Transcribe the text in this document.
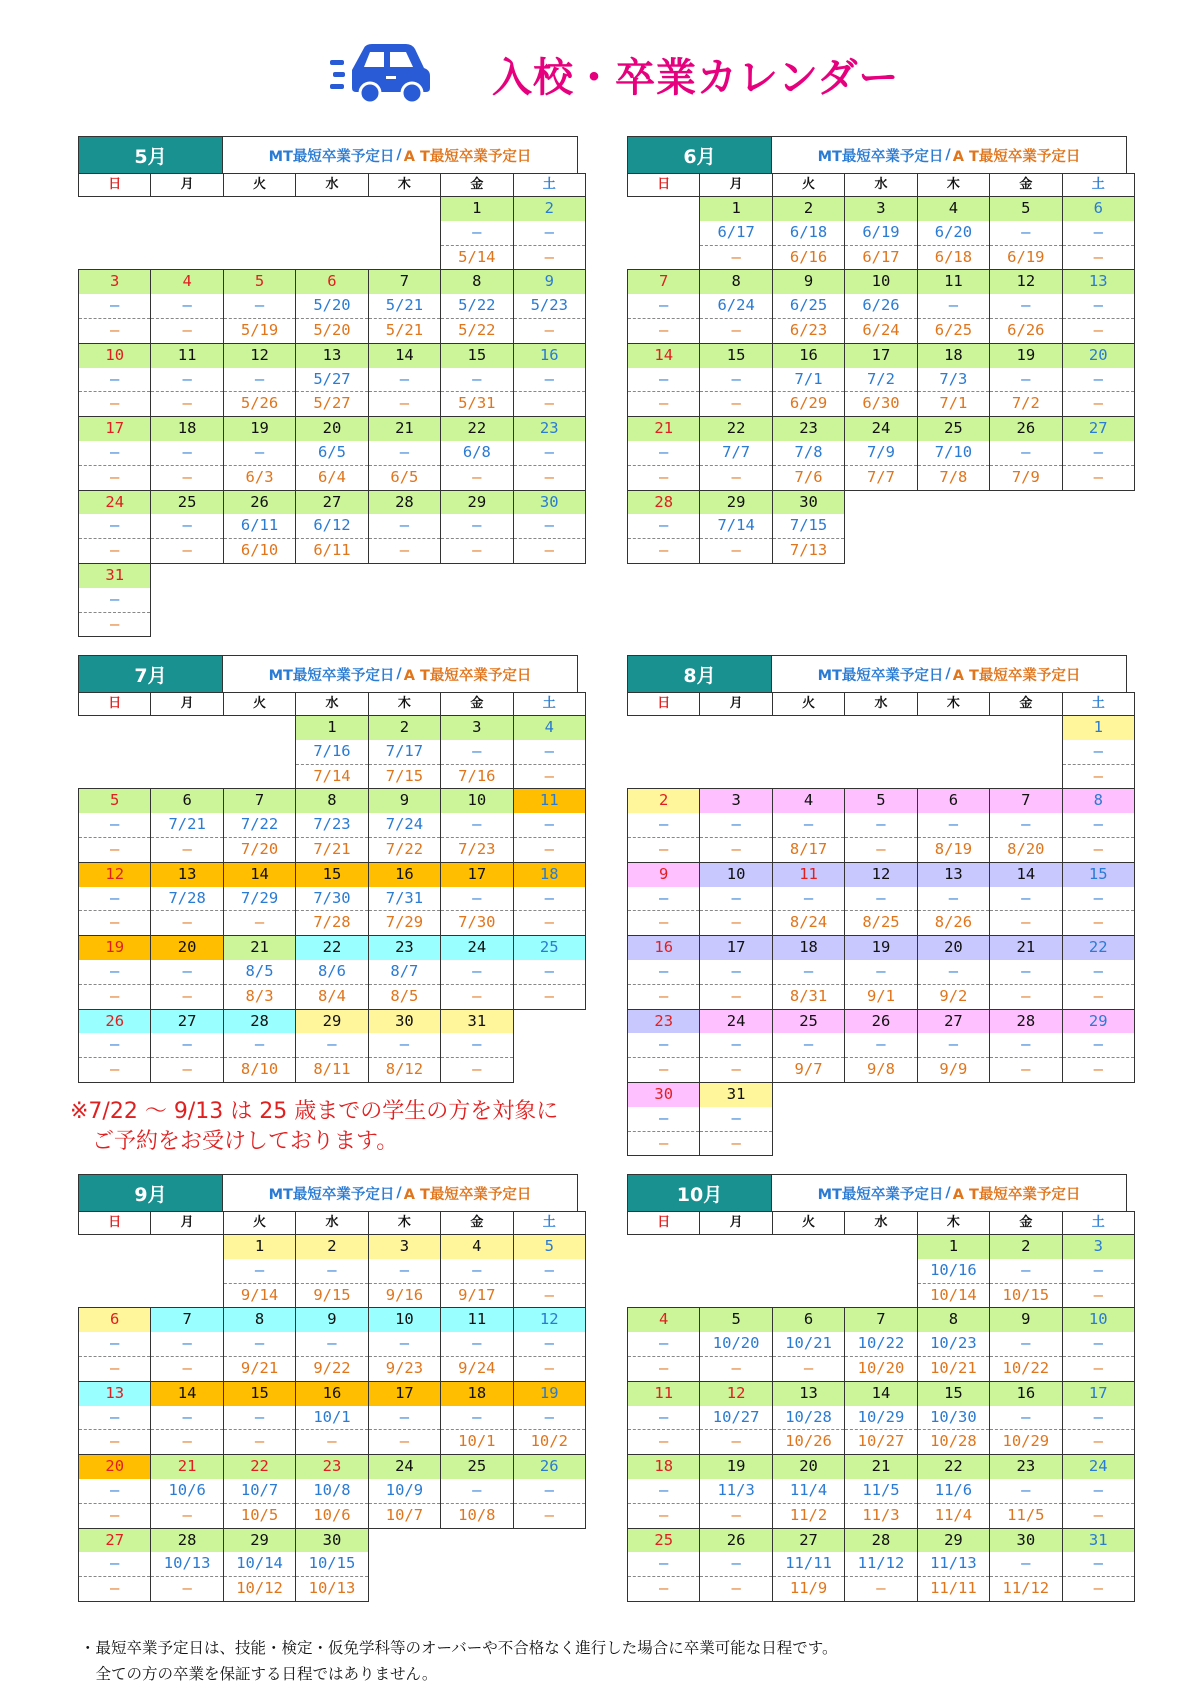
入校・卒業カレンダー
5月	MT最短卒業予定日 / A T最短卒業予定日
日	月	火	水	木	金	土
					1	2
					—	—
					5/14	—
3	4	5	6	7	8	9
—	—	—	5/20	5/21	5/22	5/23
—	—	5/19	5/20	5/21	5/22	—
10	11	12	13	14	15	16
—	—	—	5/27	—	—	—
—	—	5/26	5/27	—	5/31	—
17	18	19	20	21	22	23
—	—	—	6/5	—	6/8	—
—	—	6/3	6/4	6/5	—	—
24	25	26	27	28	29	30
—	—	6/11	6/12	—	—	—
—	—	6/10	6/11	—	—	—
31						
—						
—						
6月	MT最短卒業予定日 / A T最短卒業予定日
日	月	火	水	木	金	土
	1	2	3	4	5	6
	6/17	6/18	6/19	6/20	—	—
	—	6/16	6/17	6/18	6/19	—
7	8	9	10	11	12	13
—	6/24	6/25	6/26	—	—	—
—	—	6/23	6/24	6/25	6/26	—
14	15	16	17	18	19	20
—	—	7/1	7/2	7/3	—	—
—	—	6/29	6/30	7/1	7/2	—
21	22	23	24	25	26	27
—	7/7	7/8	7/9	7/10	—	—
—	—	7/6	7/7	7/8	7/9	—
28	29	30				
—	7/14	7/15				
—	—	7/13				
7月	MT最短卒業予定日 / A T最短卒業予定日
日	月	火	水	木	金	土
			1	2	3	4
			7/16	7/17	—	—
			7/14	7/15	7/16	—
5	6	7	8	9	10	11
—	7/21	7/22	7/23	7/24	—	—
—	—	7/20	7/21	7/22	7/23	—
12	13	14	15	16	17	18
—	7/28	7/29	7/30	7/31	—	—
—	—	—	7/28	7/29	7/30	—
19	20	21	22	23	24	25
—	—	8/5	8/6	8/7	—	—
—	—	8/3	8/4	8/5	—	—
26	27	28	29	30	31	
—	—	—	—	—	—	
—	—	8/10	8/11	8/12	—	
8月	MT最短卒業予定日 / A T最短卒業予定日
日	月	火	水	木	金	土
						1
						—
						—
2	3	4	5	6	7	8
—	—	—	—	—	—	—
—	—	8/17	—	8/19	8/20	—
9	10	11	12	13	14	15
—	—	—	—	—	—	—
—	—	8/24	8/25	8/26	—	—
16	17	18	19	20	21	22
—	—	—	—	—	—	—
—	—	8/31	9/1	9/2	—	—
23	24	25	26	27	28	29
—	—	—	—	—	—	—
—	—	9/7	9/8	9/9	—	—
30	31					
—	—					
—	—					
9月	MT最短卒業予定日 / A T最短卒業予定日
日	月	火	水	木	金	土
		1	2	3	4	5
		—	—	—	—	—
		9/14	9/15	9/16	9/17	—
6	7	8	9	10	11	12
—	—	—	—	—	—	—
—	—	9/21	9/22	9/23	9/24	—
13	14	15	16	17	18	19
—	—	—	10/1	—	—	—
—	—	—	—	—	10/1	10/2
20	21	22	23	24	25	26
—	10/6	10/7	10/8	10/9	—	—
—	—	10/5	10/6	10/7	10/8	—
27	28	29	30			
—	10/13	10/14	10/15			
—	—	10/12	10/13			
10月	MT最短卒業予定日 / A T最短卒業予定日
日	月	火	水	木	金	土
				1	2	3
				10/16	—	—
				10/14	10/15	—
4	5	6	7	8	9	10
—	10/20	10/21	10/22	10/23	—	—
—	—	—	10/20	10/21	10/22	—
11	12	13	14	15	16	17
—	10/27	10/28	10/29	10/30	—	—
—	—	10/26	10/27	10/28	10/29	—
18	19	20	21	22	23	24
—	11/3	11/4	11/5	11/6	—	—
—	—	11/2	11/3	11/4	11/5	—
25	26	27	28	29	30	31
—	—	11/11	11/12	11/13	—	—
—	—	11/9	—	11/11	11/12	—
※7/22 ～ 9/13 は 25 歳までの学生の方を対象に
　ご予約をお受けしております。
・最短卒業予定日は、技能・検定・仮免学科等のオーバーや不合格なく進行した場合に卒業可能な日程です。
　全ての方の卒業を保証する日程ではありません。
